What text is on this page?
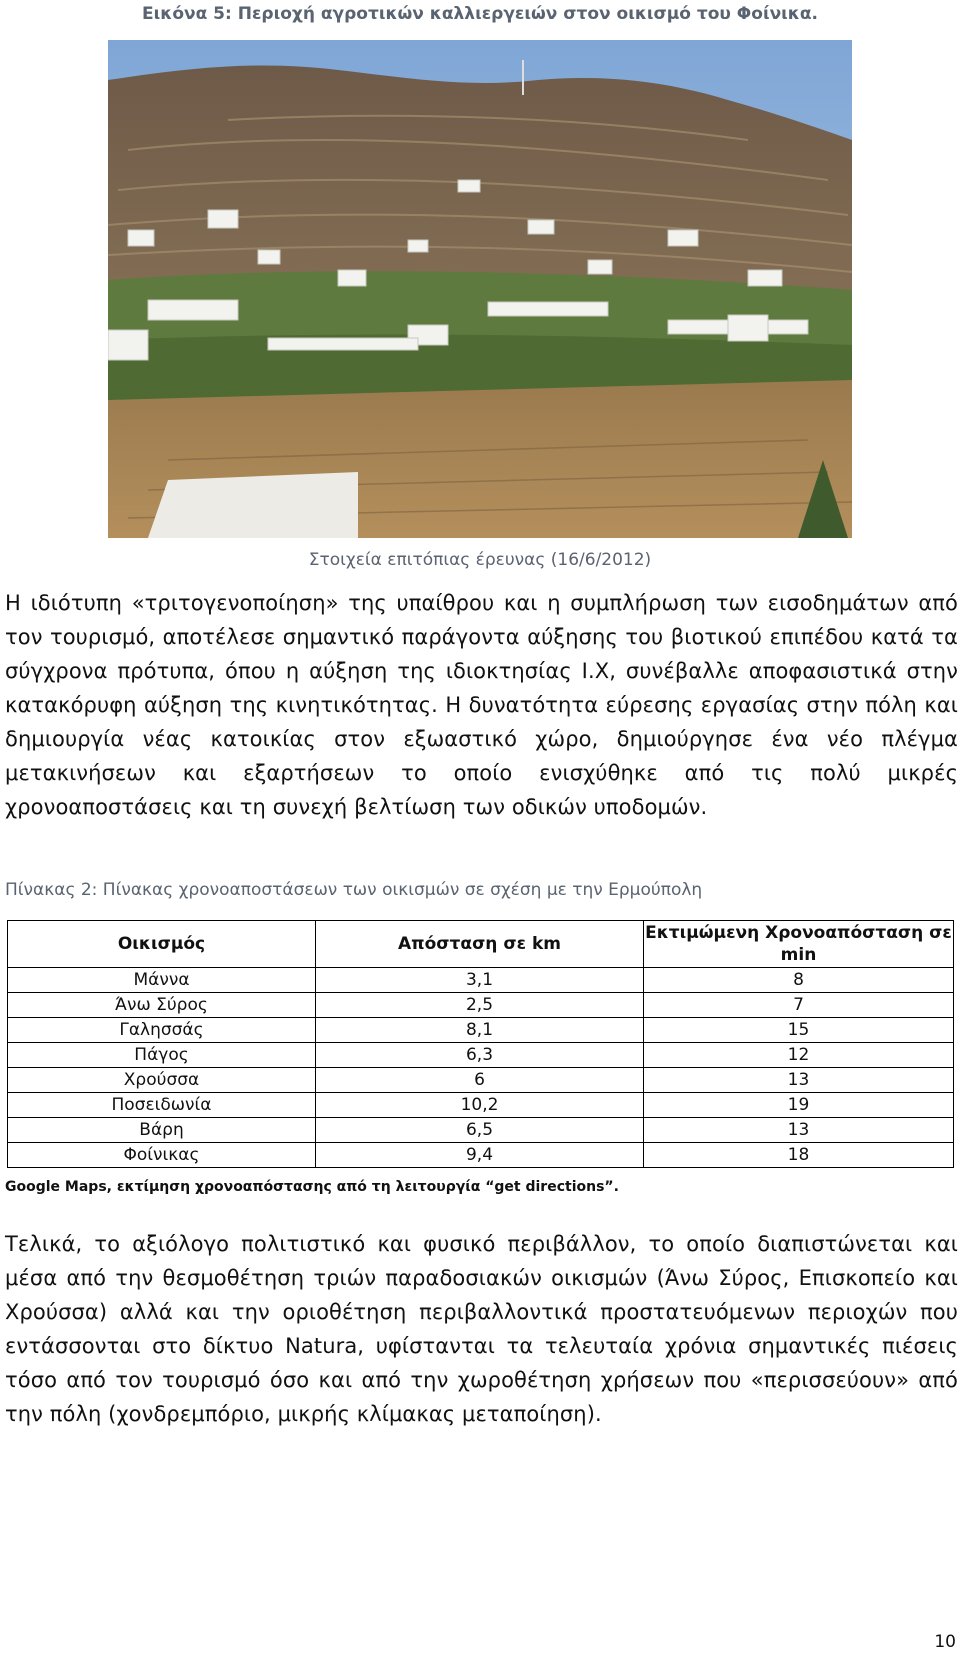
Εικόνα 5: Περιοχή αγροτικών καλλιεργειών στον οικισμό του Φοίνικα.
Στοιχεία επιτόπιας έρευνας (16/6/2012)

Η ιδιότυπη «τριτογενοποίηση» της υπαίθρου και η συμπλήρωση των εισοδημάτων από τον τουρισμό, αποτέλεσε σημαντικό παράγοντα αύξησης του βιοτικού επιπέδου κατά τα σύγχρονα πρότυπα, όπου η αύξηση της ιδιοκτησίας Ι.Χ, συνέβαλλε αποφασιστικά στην κατακόρυφη αύξηση της κινητικότητας. Η δυνατότητα εύρεσης εργασίας στην πόλη και δημιουργία νέας κατοικίας στον εξωαστικό χώρο, δημιούργησε ένα νέο πλέγμα μετακινήσεων και εξαρτήσεων το οποίο ενισχύθηκε από τις πολύ μικρές χρονοαποστάσεις και τη συνεχή βελτίωση των οδικών υποδομών.

Πίνακας 2: Πίνακας χρονοαποστάσεων των οικισμών σε σχέση με την Ερμούπολη
Οικισμός	Απόσταση σε km	Εκτιμώμενη Χρονοαπόσταση σε min
Μάννα	3,1	8
Άνω Σύρος	2,5	7
Γαλησσάς	8,1	15
Πάγος	6,3	12
Χρούσσα	6	13
Ποσειδωνία	10,2	19
Βάρη	6,5	13
Φοίνικας	9,4	18
Google Maps, εκτίμηση χρονοαπόστασης από τη λειτουργία “get directions”.

Τελικά, το αξιόλογο πολιτιστικό και φυσικό περιβάλλον, το οποίο διαπιστώνεται και μέσα από την θεσμοθέτηση τριών παραδοσιακών οικισμών (Άνω Σύρος, Επισκοπείο και Χρούσσα) αλλά και την οριοθέτηση περιβαλλοντικά προστατευόμενων περιοχών που εντάσσονται στο δίκτυο Natura, υφίστανται τα τελευταία χρόνια σημαντικές πιέσεις τόσο από τον τουρισμό όσο και από την χωροθέτηση χρήσεων που «περισσεύουν» από την πόλη (χονδρεμπόριο, μικρής κλίμακας μεταποίηση).

10
